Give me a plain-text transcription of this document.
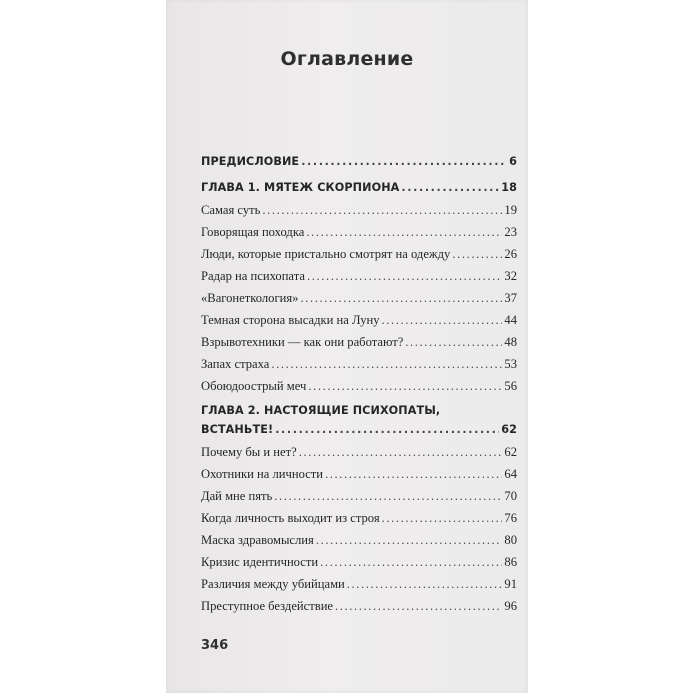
Оглавление
ПРЕДИСЛОВИЕ .....	6
ГЛАВА 1. МЯТЕЖ СКОРПИОНА .....	18
Самая суть .....	19
Говорящая походка .....	23
Люди, которые пристально смотрят на одежду .....	26
Радар на психопата .....	32
«Вагонеткология» .....	37
Темная сторона высадки на Луну .....	44
Взрывотехники — как они работают? .....	48
Запах страха .....	53
Обоюдоострый меч .....	56
ГЛАВА 2. НАСТОЯЩИЕ ПСИХОПАТЫ,
ВСТАНЬТЕ! .....	62
Почему бы и нет? .....	62
Охотники на личности .....	64
Дай мне пять .....	70
Когда личность выходит из строя .....	76
Маска здравомыслия .....	80
Кризис идентичности .....	86
Различия между убийцами .....	91
Преступное бездействие .....	96
346
